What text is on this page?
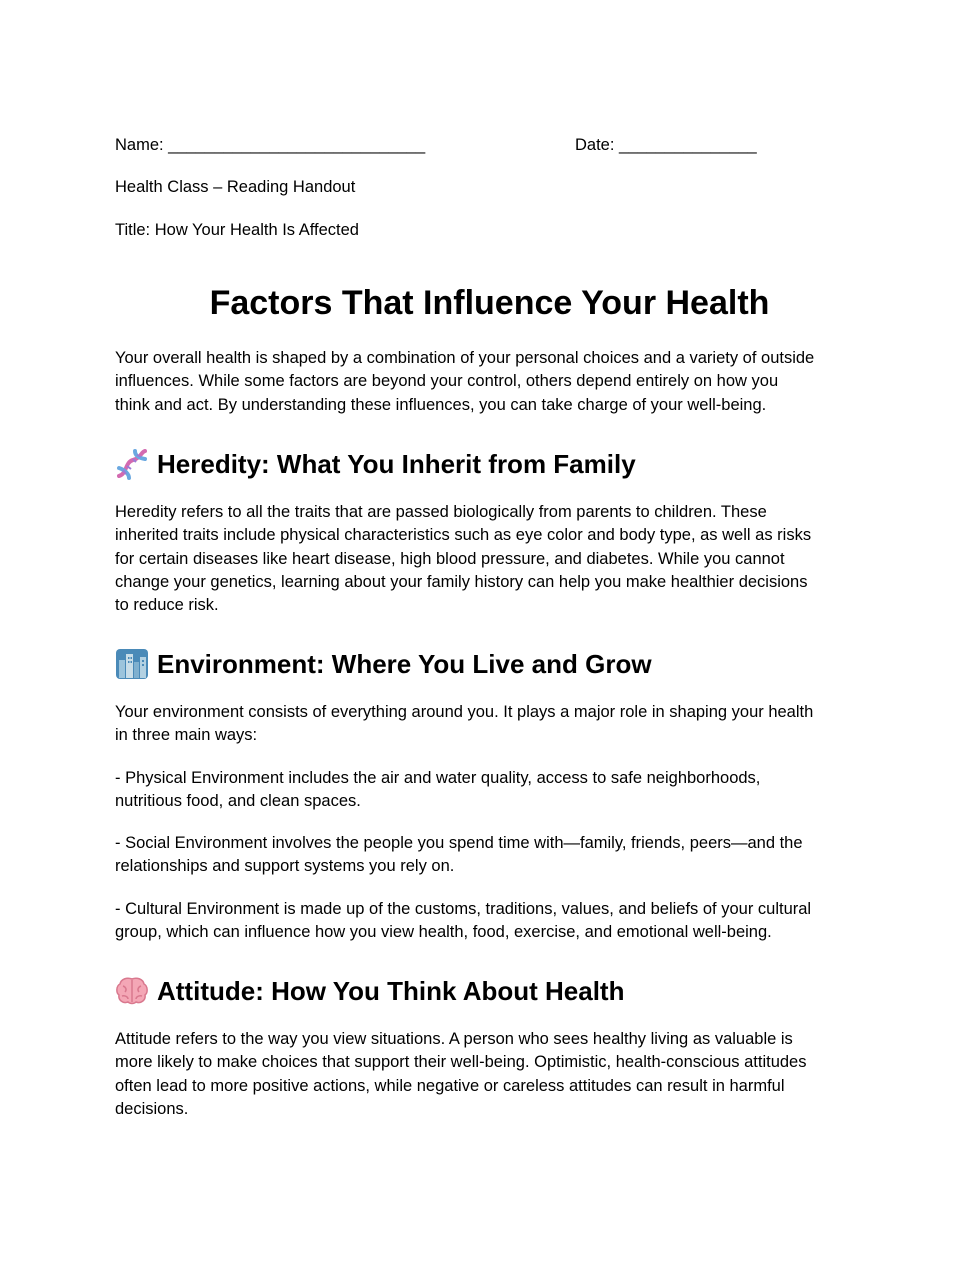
Name: ____________________________	Date: _______________
Health Class – Reading Handout
Title: How Your Health Is Affected
Factors That Influence Your Health

Your overall health is shaped by a combination of your personal choices and a variety of outside
influences. While some factors are beyond your control, others depend entirely on how you
think and act. By understanding these influences, you can take charge of your well-being.

Heredity: What You Inherit from Family

Heredity refers to all the traits that are passed biologically from parents to children. These
inherited traits include physical characteristics such as eye color and body type, as well as risks
for certain diseases like heart disease, high blood pressure, and diabetes. While you cannot
change your genetics, learning about your family history can help you make healthier decisions
to reduce risk.

Environment: Where You Live and Grow

Your environment consists of everything around you. It plays a major role in shaping your health
in three main ways:

- Physical Environment includes the air and water quality, access to safe neighborhoods,
nutritious food, and clean spaces.

- Social Environment involves the people you spend time with—family, friends, peers—and the
relationships and support systems you rely on.

- Cultural Environment is made up of the customs, traditions, values, and beliefs of your cultural
group, which can influence how you view health, food, exercise, and emotional well-being.

Attitude: How You Think About Health

Attitude refers to the way you view situations. A person who sees healthy living as valuable is
more likely to make choices that support their well-being. Optimistic, health-conscious attitudes
often lead to more positive actions, while negative or careless attitudes can result in harmful
decisions.
